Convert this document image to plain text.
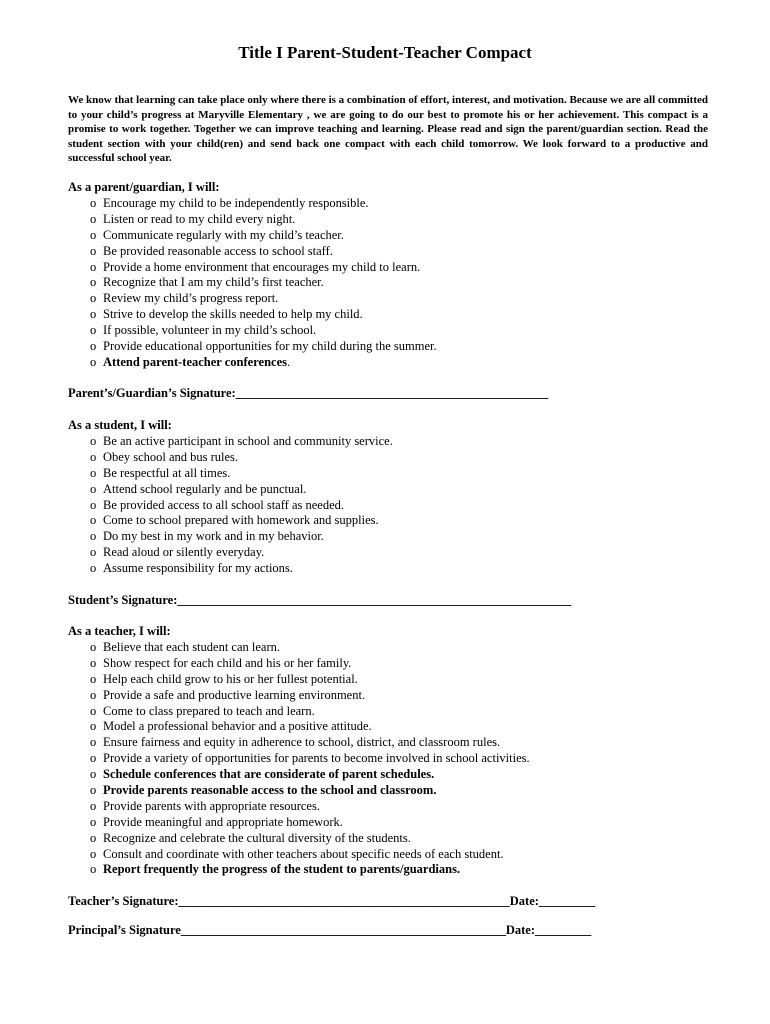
Title I Parent-Student-Teacher Compact
We know that learning can take place only where there is a combination of effort, interest, and motivation. Because we are all committed to your child’s progress at Maryville Elementary , we are going to do our best to promote his or her achievement. This compact is a promise to work together. Together we can improve teaching and learning. Please read and sign the parent/guardian section. Read the student section with your child(ren) and send back one compact with each child tomorrow. We look forward to a productive and successful school year.
As a parent/guardian, I will:
o Encourage my child to be independently responsible.
o Listen or read to my child every night.
o Communicate regularly with my child’s teacher.
o Be provided reasonable access to school staff.
o Provide a home environment that encourages my child to learn.
o Recognize that I am my child’s first teacher.
o Review my child’s progress report.
o Strive to develop the skills needed to help my child.
o If possible, volunteer in my child’s school.
o Provide educational opportunities for my child during the summer.
o Attend parent-teacher conferences.
Parent’s/Guardian’s Signature:__________________________________________________
As a student, I will:
o Be an active participant in school and community service.
o Obey school and bus rules.
o Be respectful at all times.
o Attend school regularly and be punctual.
o Be provided access to all school staff as needed.
o Come to school prepared with homework and supplies.
o Do my best in my work and in my behavior.
o Read aloud or silently everyday.
o Assume responsibility for my actions.
Student’s Signature:_______________________________________________________________
As a teacher, I will:
o Believe that each student can learn.
o Show respect for each child and his or her family.
o Help each child grow to his or her fullest potential.
o Provide a safe and productive learning environment.
o Come to class prepared to teach and learn.
o Model a professional behavior and a positive attitude.
o Ensure fairness and equity in adherence to school, district, and classroom rules.
o Provide a variety of opportunities for parents to become involved in school activities.
o Schedule conferences that are considerate of parent schedules.
o Provide parents reasonable access to the school and classroom.
o Provide parents with appropriate resources.
o Provide meaningful and appropriate homework.
o Recognize and celebrate the cultural diversity of the students.
o Consult and coordinate with other teachers about specific needs of each student.
o Report frequently the progress of the student to parents/guardians.
Teacher’s Signature:_____________________________________________________Date:_________
Principal’s Signature____________________________________________________Date:_________
